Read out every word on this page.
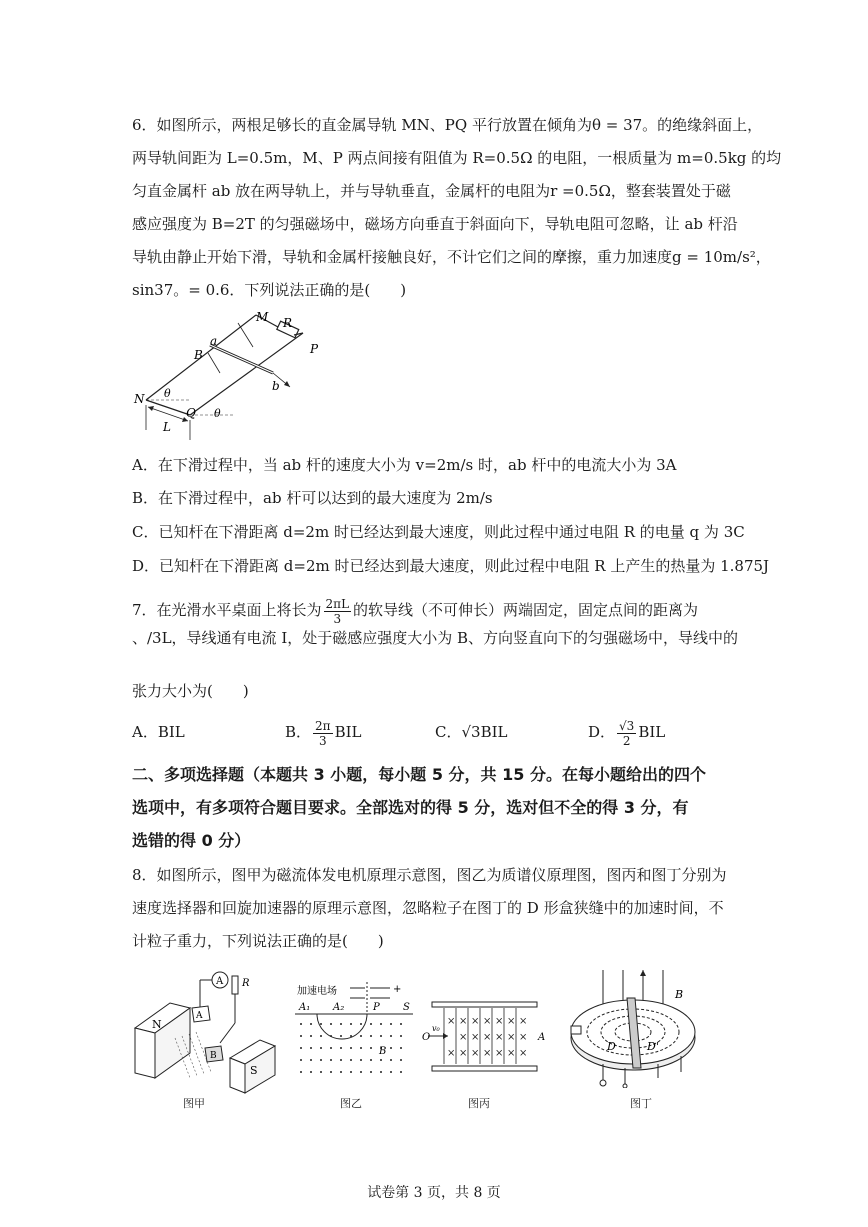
6．如图所示，两根足够长的直金属导轨 MN、PQ 平行放置在倾角为θ = 37。的绝缘斜面上，
两导轨间距为 L=0.5m，M、P 两点间接有阻值为 R=0.5Ω 的电阻，一根质量为 m=0.5kg 的均
匀直金属杆 ab 放在两导轨上，并与导轨垂直，金属杆的电阻为r =0.5Ω，整套装置处于磁
感应强度为 B=2T 的匀强磁场中，磁场方向垂直于斜面向下，导轨电阻可忽略，让 ab 杆沿
导轨由静止开始下滑，导轨和金属杆接触良好，不计它们之间的摩擦，重力加速度g = 10m/s²，
sin37。= 0.6．下列说法正确的是(　　)
M R
P
a
B
b
N θ
Q θ
L
A．在下滑过程中，当 ab 杆的速度大小为 v=2m/s 时，ab 杆中的电流大小为 3A
B．在下滑过程中，ab 杆可以达到的最大速度为 2m/s
C．已知杆在下滑距离 d=2m 时已经达到最大速度，则此过程中通过电阻 R 的电量 q 为 3C
D．已知杆在下滑距离 d=2m 时已经达到最大速度，则此过程中电阻 R 上产生的热量为 1.875J
7．在光滑水平桌面上将长为 $\frac{2\pi L}{3}$ 的软导线（不可伸长）两端固定，固定点间的距离为
、/3L，导线通有电流 I，处于磁感应强度大小为 B、方向竖直向下的匀强磁场中，导线中的
张力大小为(　　)
A．BIL	B． $\frac{2\pi}{3}$ BIL	C．√3BIL	D． $\frac{√3}{2}$ BIL
二、多项选择题（本题共 3 小题，每小题 5 分，共 15 分。在每小题给出的四个
选项中，有多项符合题目要求。全部选对的得 5 分，选对但不全的得 3 分，有
选错的得 0 分）
8．如图所示，图甲为磁流体发电机原理示意图，图乙为质谱仪原理图，图丙和图丁分别为
速度选择器和回旋加速器的原理示意图，忽略粒子在图丁的 D 形盒狭缝中的加速时间，不
计粒子重力，下列说法正确的是(　　)
A R
N
A
B
S
图甲
加速电场	+
A₁ A₂	P S
B
图乙
× × × × × × ×
× × × × × ×
× × × × × × ×
O
v₀
A
图丙
B
D	D'
图丁
试卷第 3 页，共 8 页
